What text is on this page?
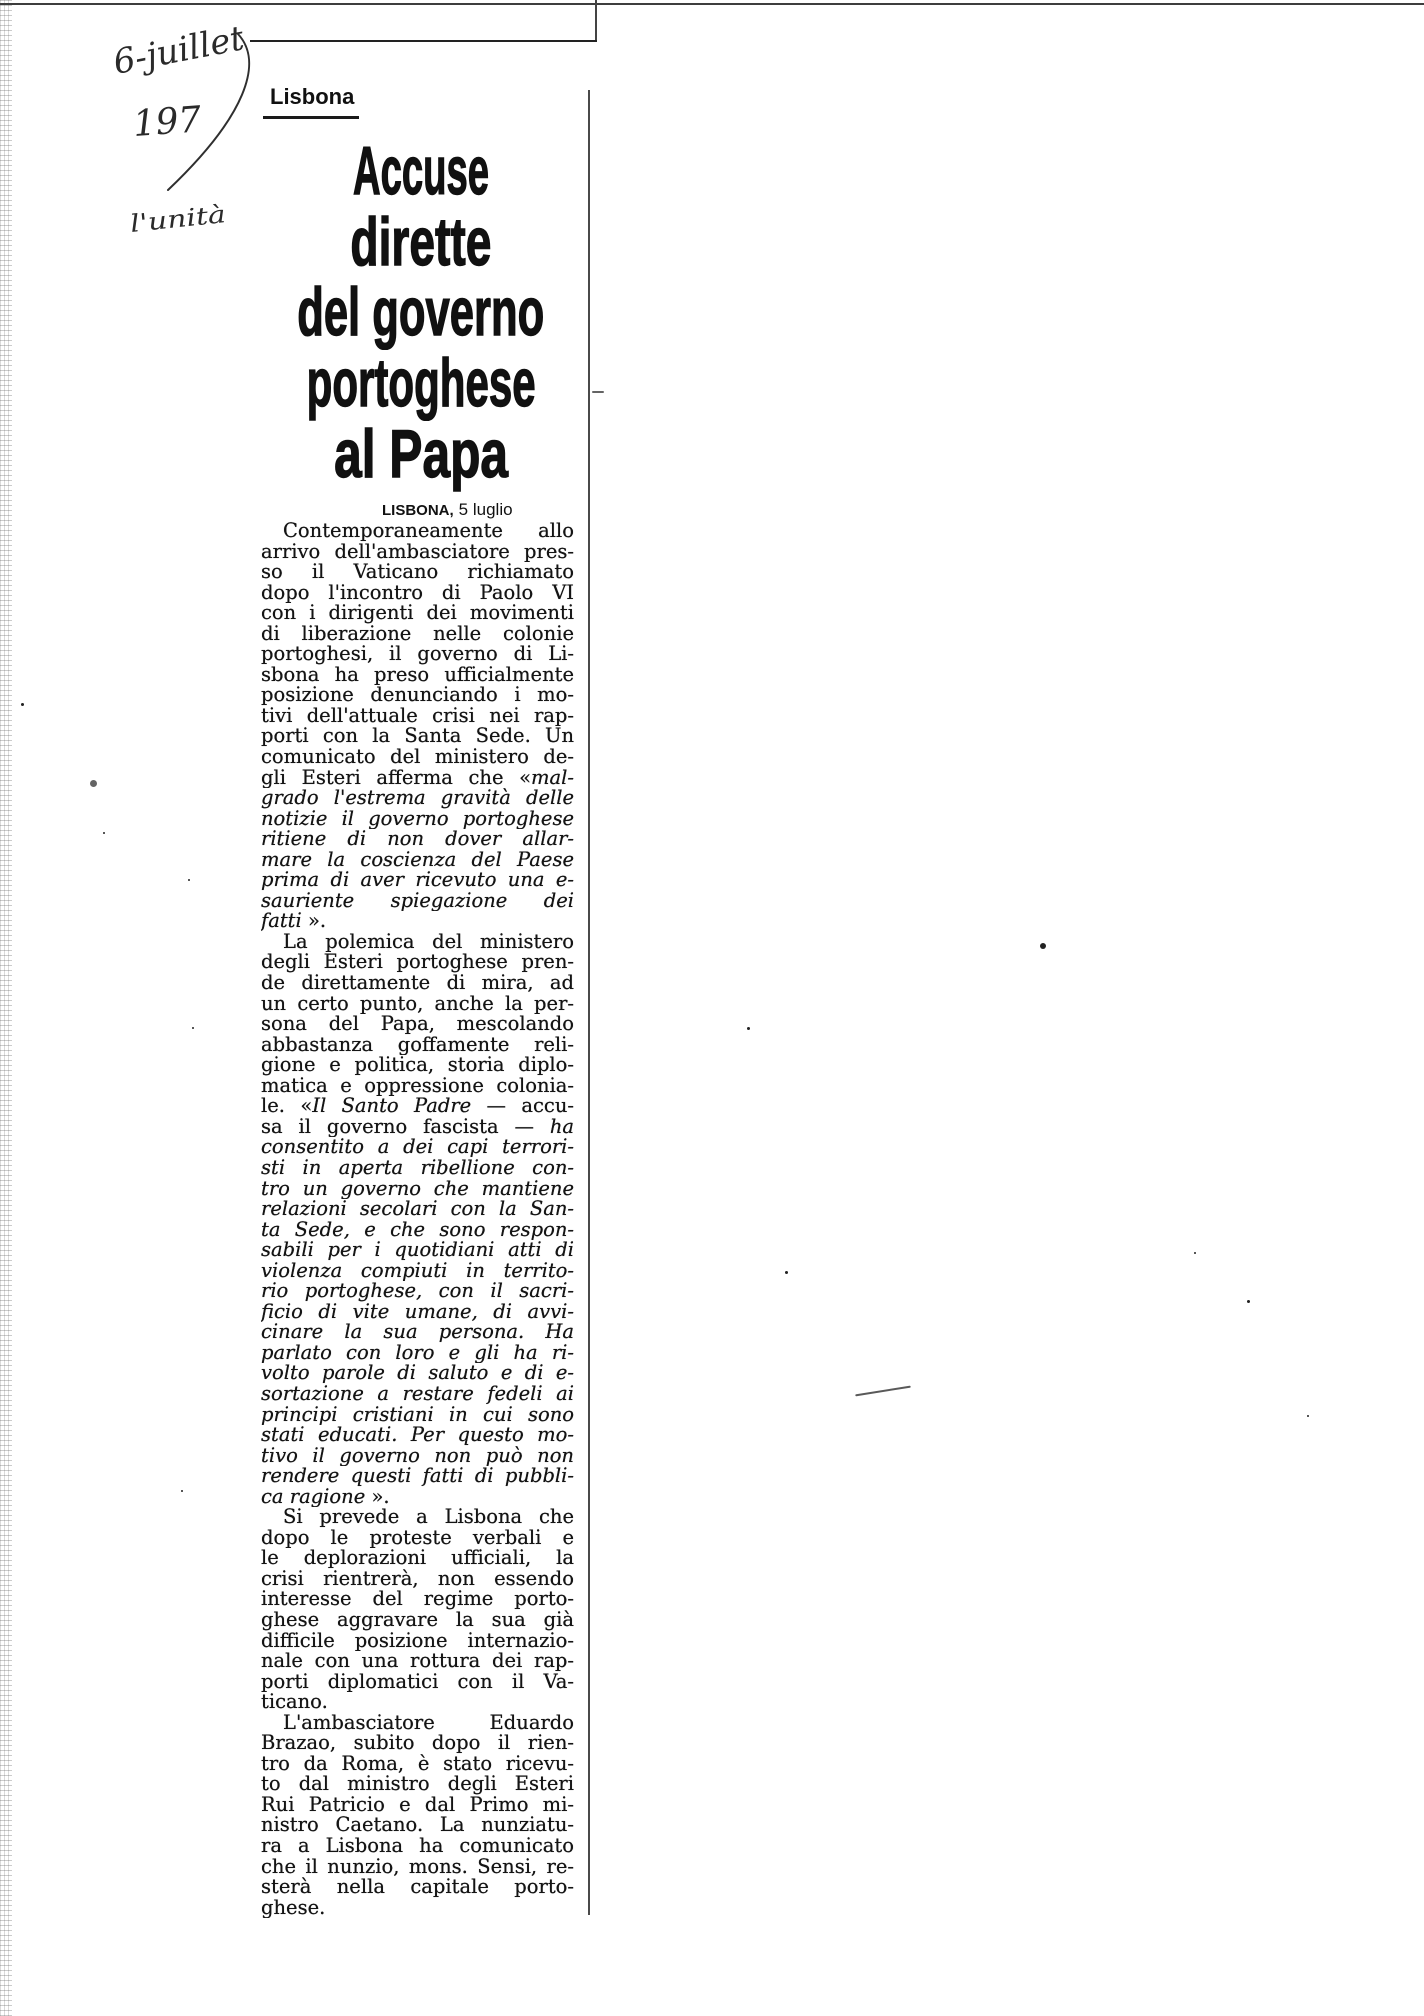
6-juillet
197
l'unità
Lisbona
Accuse
dirette
del governo
portoghese
al Papa
LISBONA, 5 luglio
Contemporaneamente allo
arrivo dell'ambasciatore pres-
so il Vaticano richiamato
dopo l'incontro di Paolo VI
con i dirigenti dei movimenti
di liberazione nelle colonie
portoghesi, il governo di Li-
sbona ha preso ufficialmente
posizione denunciando i mo-
tivi dell'attuale crisi nei rap-
porti con la Santa Sede. Un
comunicato del ministero de-
gli Esteri afferma che «mal-
grado l'estrema gravità delle
notizie il governo portoghese
ritiene di non dover allar-
mare la coscienza del Paese
prima di aver ricevuto una e-
sauriente spiegazione dei
fatti ».
La polemica del ministero
degli Esteri portoghese pren-
de direttamente di mira, ad
un certo punto, anche la per-
sona del Papa, mescolando
abbastanza goffamente reli-
gione e politica, storia diplo-
matica e oppressione colonia-
le. «Il Santo Padre — accu-
sa il governo fascista — ha
consentito a dei capi terrori-
sti in aperta ribellione con-
tro un governo che mantiene
relazioni secolari con la San-
ta Sede, e che sono respon-
sabili per i quotidiani atti di
violenza compiuti in territo-
rio portoghese, con il sacri-
ficio di vite umane, di avvi-
cinare la sua persona. Ha
parlato con loro e gli ha ri-
volto parole di saluto e di e-
sortazione a restare fedeli ai
principi cristiani in cui sono
stati educati. Per questo mo-
tivo il governo non può non
rendere questi fatti di pubbli-
ca ragione ».
Si prevede a Lisbona che
dopo le proteste verbali e
le deplorazioni ufficiali, la
crisi rientrerà, non essendo
interesse del regime porto-
ghese aggravare la sua già
difficile posizione internazio-
nale con una rottura dei rap-
porti diplomatici con il Va-
ticano.
L'ambasciatore Eduardo
Brazao, subito dopo il rien-
tro da Roma, è stato ricevu-
to dal ministro degli Esteri
Rui Patricio e dal Primo mi-
nistro Caetano. La nunziatu-
ra a Lisbona ha comunicato
che il nunzio, mons. Sensi, re-
sterà nella capitale porto-
ghese.
